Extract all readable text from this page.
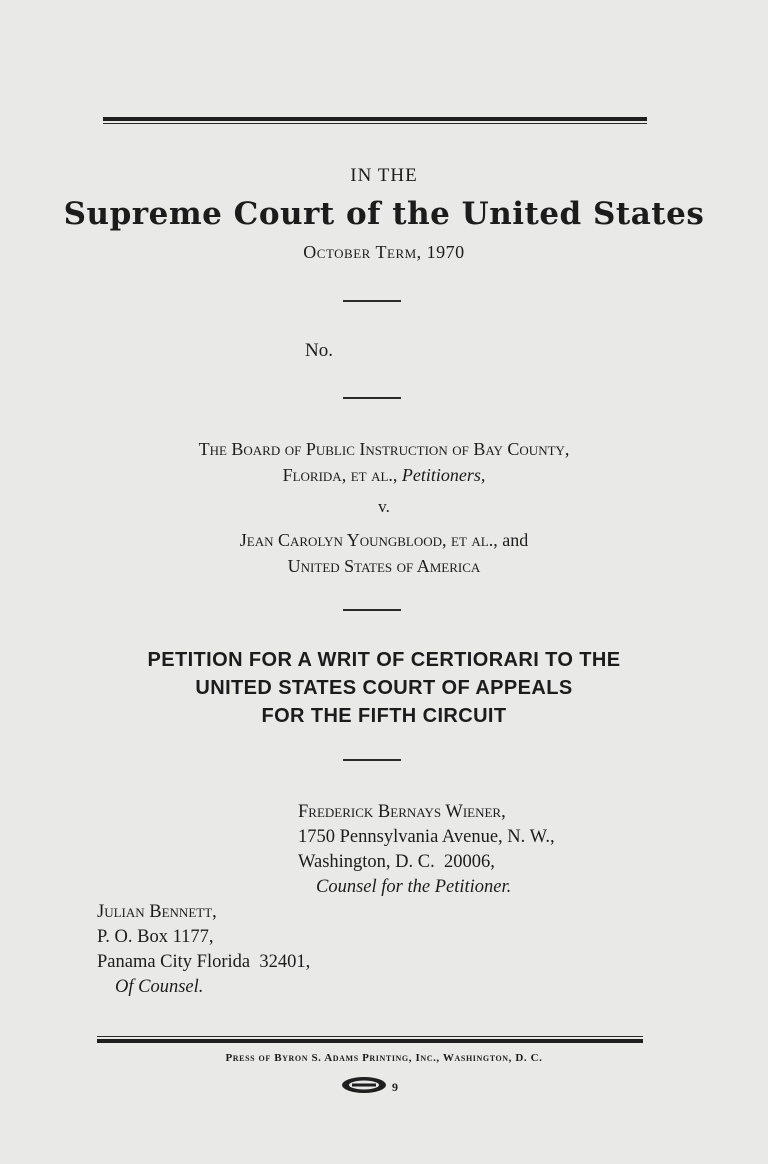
IN THE
Supreme Court of the United States
October Term, 1970
No.
The Board of Public Instruction of Bay County,
Florida, et al., Petitioners,
v.
Jean Carolyn Youngblood, et al., and
United States of America
PETITION FOR A WRIT OF CERTIORARI TO THE
UNITED STATES COURT OF APPEALS
FOR THE FIFTH CIRCUIT
Frederick Bernays Wiener,
1750 Pennsylvania Avenue, N. W.,
Washington, D. C.  20006,
Counsel for the Petitioner.
Julian Bennett,
P. O. Box 1177,
Panama City Florida  32401,
Of Counsel.
Press of Byron S. Adams Printing, Inc., Washington, D. C.
9
